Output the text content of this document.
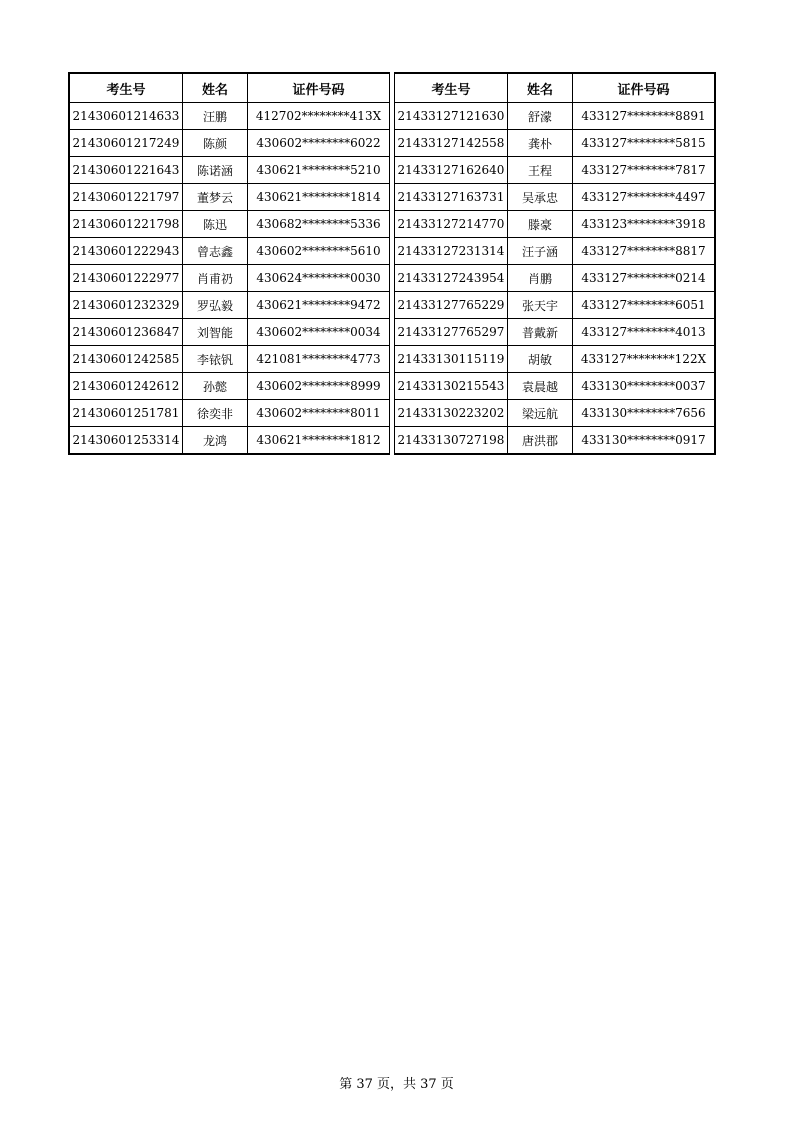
考生号	姓名	证件号码
21430601214633	汪鹏	412702********413X
21430601217249	陈颜	430602********6022
21430601221643	陈诺涵	430621********5210
21430601221797	董梦云	430621********1814
21430601221798	陈迅	430682********5336
21430601222943	曾志鑫	430602********5610
21430601222977	肖甫礽	430624********0030
21430601232329	罗弘毅	430621********9472
21430601236847	刘智能	430602********0034
21430601242585	李铱钒	421081********4773
21430601242612	孙懿	430602********8999
21430601251781	徐奕非	430602********8011
21430601253314	龙鸿	430621********1812
考生号	姓名	证件号码
21433127121630	舒濛	433127********8891
21433127142558	龚朴	433127********5815
21433127162640	王程	433127********7817
21433127163731	吴承忠	433127********4497
21433127214770	滕豪	433123********3918
21433127231314	汪子涵	433127********8817
21433127243954	肖鹏	433127********0214
21433127765229	张天宇	433127********6051
21433127765297	普戴新	433127********4013
21433130115119	胡敏	433127********122X
21433130215543	袁晨越	433130********0037
21433130223202	梁远航	433130********7656
21433130727198	唐洪郡	433130********0917
第 37 页，共 37 页
